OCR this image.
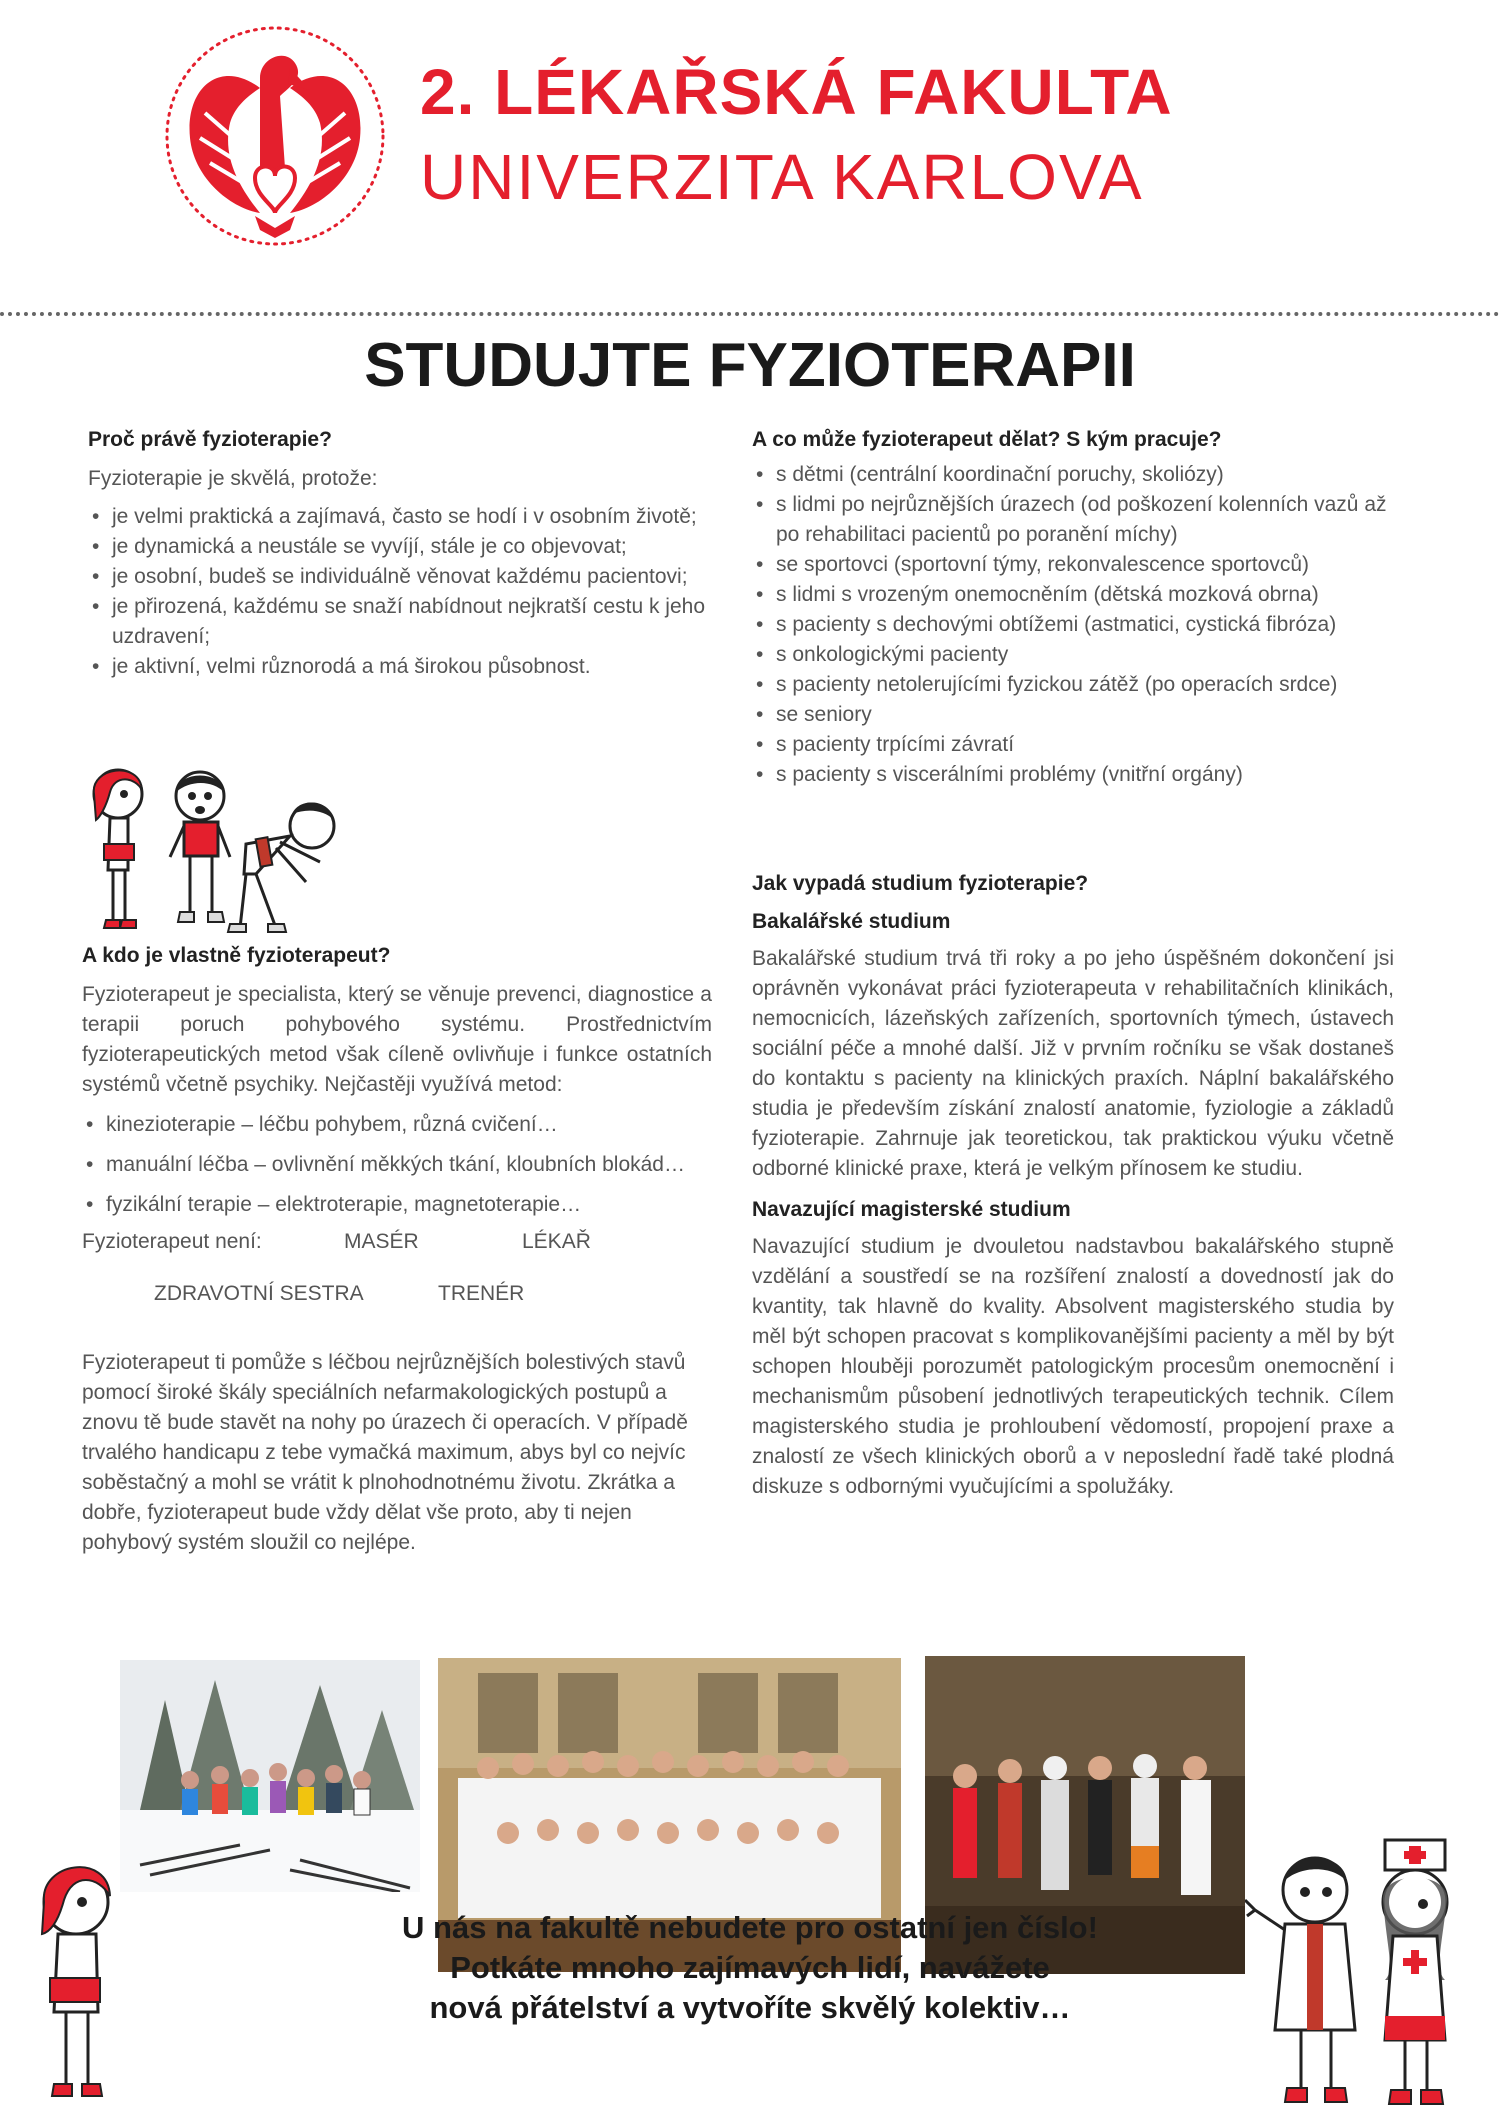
2. LÉKAŘSKÁ FAKULTA
UNIVERZITA KARLOVA
STUDUJTE FYZIOTERAPII
Proč právě fyzioterapie?

Fyzioterapie je skvělá, protože:

• je velmi praktická a zajímavá, často se hodí i v osobním životě;
• je dynamická a neustále se vyvíjí, stále je co objevovat;
• je osobní, budeš se individuálně věnovat každému pacientovi;
• je přirozená, každému se snaží nabídnout nejkratší cestu k jeho uzdravení;
• je aktivní, velmi různorodá a má širokou působnost.
A co může fyzioterapeut dělat? S kým pracuje?
• s dětmi (centrální koordinační poruchy, skoliózy)
• s lidmi po nejrůznějších úrazech (od poškození kolenních vazů až po rehabilitaci pacientů po poranění míchy)
• se sportovci (sportovní týmy, rekonvalescence sportovců)
• s lidmi s vrozeným onemocněním (dětská mozková obrna)
• s pacienty s dechovými obtížemi (astmatici, cystická fibróza)
• s onkologickými pacienty
• s pacienty netolerujícími fyzickou zátěž (po operacích srdce)
• se seniory
• s pacienty trpícími závratí
• s pacienty s viscerálními problémy (vnitřní orgány)
A kdo je vlastně fyzioterapeut?

Fyzioterapeut je specialista, který se věnuje prevenci, diagnostice a terapii poruch pohybového systému. Prostřednictvím fyzioterapeutických metod však cíleně ovlivňuje i funkce ostatních systémů včetně psychiky. Nejčastěji využívá metod:

• kinezioterapie – léčbu pohybem, různá cvičení…
• manuální léčba – ovlivnění měkkých tkání, kloubních blokád…
• fyzikální terapie – elektroterapie, magnetoterapie…
Fyzioterapeut není:	MASÉR	LÉKAŘ
ZDRAVOTNÍ SESTRA	TRENÉR

Fyzioterapeut ti pomůže s léčbou nejrůznějších bolestivých stavů pomocí široké škály speciálních nefarmakologických postupů a znovu tě bude stavět na nohy po úrazech či operacích. V případě trvalého handicapu z tebe vymačká maximum, abys byl co nejvíc soběstačný a mohl se vrátit k plnohodnotnému životu. Zkrátka a dobře, fyzioterapeut bude vždy dělat vše proto, aby ti nejen pohybový systém sloužil co nejlépe.

Jak vypadá studium fyzioterapie?
Bakalářské studium

Bakalářské studium trvá tři roky a po jeho úspěšném dokončení jsi oprávněn vykonávat práci fyzioterapeuta v rehabilitačních klinikách, nemocnicích, lázeňských zařízeních, sportovních týmech, ústavech sociální péče a mnohé další. Již v prvním ročníku se však dostaneš do kontaktu s pacienty na klinických praxích. Náplní bakalářského studia je především získání znalostí anatomie, fyziologie a základů fyzioterapie. Zahrnuje jak teoretickou, tak praktickou výuku včetně odborné klinické praxe, která je velkým přínosem ke studiu.

Navazující magisterské studium

Navazující studium je dvouletou nadstavbou bakalářského stupně vzdělání a soustředí se na rozšíření znalostí a dovedností jak do kvantity, tak hlavně do kvality. Absolvent magisterského studia by měl být schopen pracovat s komplikovanějšími pacienty a měl by být schopen hlouběji porozumět patologickým procesům onemocnění i mechanismům působení jednotlivých terapeutických technik. Cílem magisterského studia je prohloubení vědomostí, propojení praxe a znalostí ze všech klinických oborů a v neposlední řadě také plodná diskuze s odbornými vyučujícími a spolužáky.

U nás na fakultě nebudete pro ostatní jen číslo!
Potkáte mnoho zajímavých lidí, navážete
nová přátelství a vytvoříte skvělý kolektiv…
